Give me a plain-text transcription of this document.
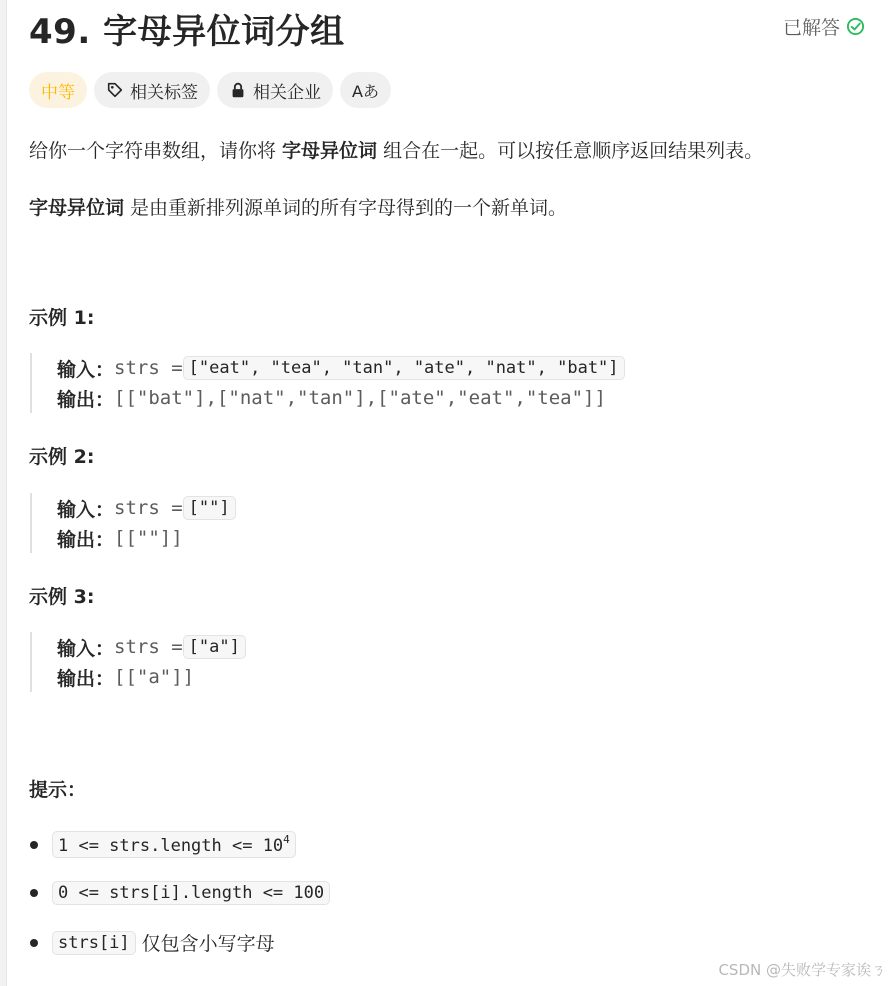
49. 字母异位词分组	已解答
中等	相关标签	相关企业 Aあ
给你一个字符串数组，请你将 字母异位词 组合在一起。可以按任意顺序返回结果列表。
字母异位词 是由重新排列源单词的所有字母得到的一个新单词。
示例 1:
输入： strs = ["eat", "tea", "tan", "ate", "nat", "bat"]
输出： [["bat"],["nat","tan"],["ate","eat","tea"]]
示例 2:
输入： strs = [""]
输出： [[""]]
示例 3:
输入： strs = ["a"]
输出： [["a"]]
提示：
1 <= strs.length <= $10^4$
0 <= strs[i].length <= 100
strs[i] 仅包含小写字母
CSDN @失败学专家诶ㄋ
